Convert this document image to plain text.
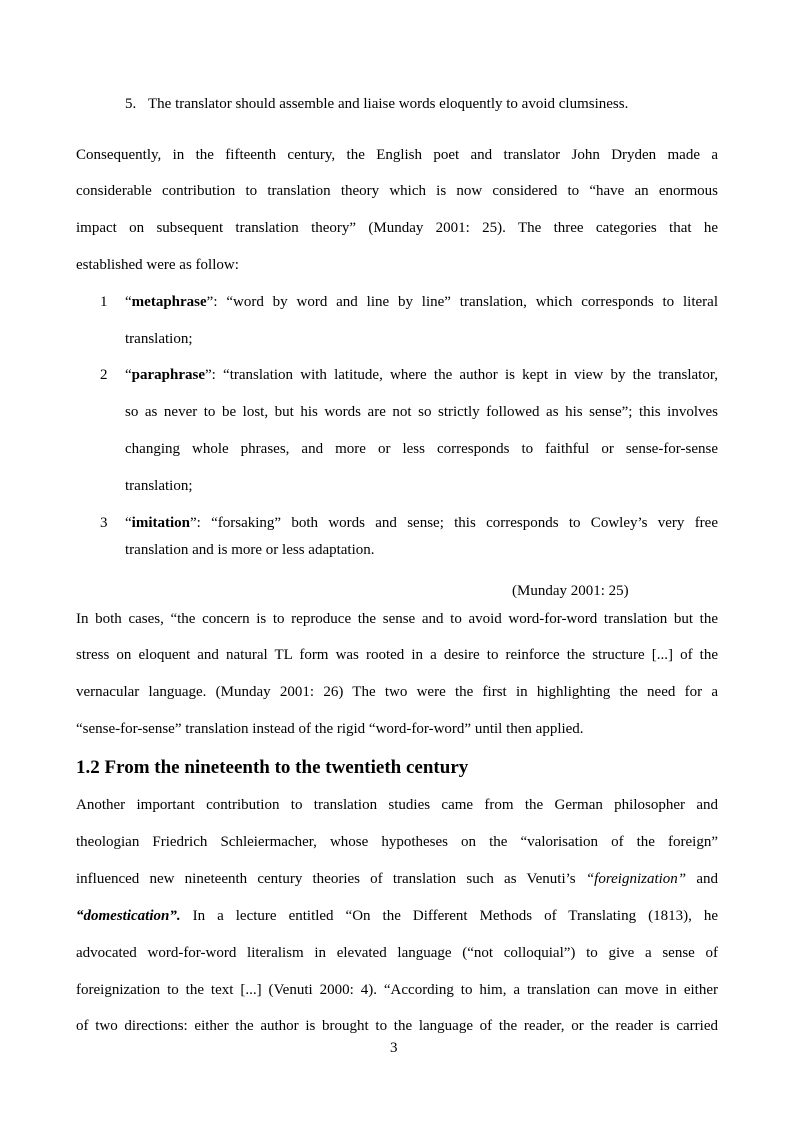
5. The translator should assemble and liaise words eloquently to avoid clumsiness.
Consequently, in the fifteenth century, the English poet and translator John Dryden made a
considerable contribution to translation theory which is now considered to “have an enormous
impact on subsequent translation theory” (Munday 2001: 25). The three categories that he
established were as follow:
1 “metaphrase”: “word by word and line by line” translation, which corresponds to literal
translation;
2 “paraphrase”: “translation with latitude, where the author is kept in view by the translator,
so as never to be lost, but his words are not so strictly followed as his sense”; this involves
changing whole phrases, and more or less corresponds to faithful or sense-for-sense
translation;
3 “imitation”: “forsaking” both words and sense; this corresponds to Cowley’s very free
translation and is more or less adaptation.
(Munday 2001: 25)
In both cases, “the concern is to reproduce the sense and to avoid word-for-word translation but the
stress on eloquent and natural TL form was rooted in a desire to reinforce the structure [...] of the
vernacular language. (Munday 2001: 26) The two were the first in highlighting the need for a
“sense-for-sense” translation instead of the rigid “word-for-word” until then applied.
1.2 From the nineteenth to the twentieth century
Another important contribution to translation studies came from the German philosopher and
theologian Friedrich Schleiermacher, whose hypotheses on the “valorisation of the foreign”
influenced new nineteenth century theories of translation such as Venuti’s “foreignization” and
“domestication”. In a lecture entitled “On the Different Methods of Translating (1813), he
advocated word-for-word literalism in elevated language (“not colloquial”) to give a sense of
foreignization to the text [...] (Venuti 2000: 4). “According to him, a translation can move in either
of two directions: either the author is brought to the language of the reader, or the reader is carried
3
